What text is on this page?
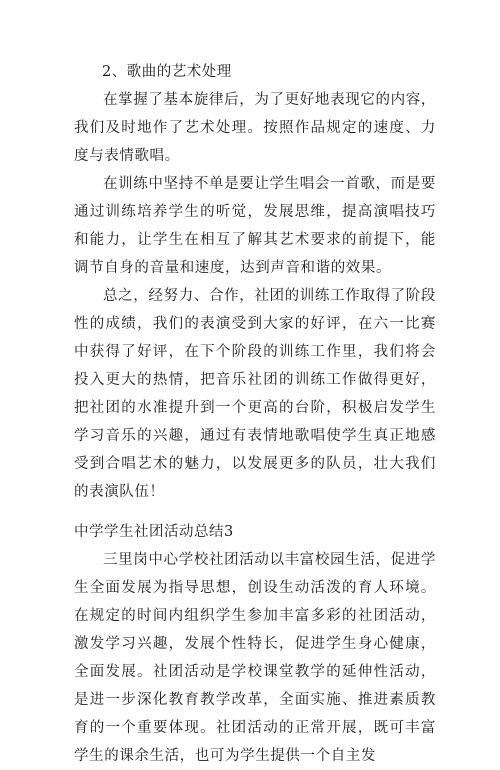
2、歌曲的艺术处理

在掌握了基本旋律后，为了更好地表现它的内容，我们及时地作了艺术处理。按照作品规定的速度、力度与表情歌唱。

在训练中坚持不单是要让学生唱会一首歌，而是要通过训练培养学生的听觉，发展思维，提高演唱技巧和能力，让学生在相互了解其艺术要求的前提下，能调节自身的音量和速度，达到声音和谐的效果。

总之，经努力、合作，社团的训练工作取得了阶段性的成绩，我们的表演受到大家的好评，在六一比赛中获得了好评，在下个阶段的训练工作里，我们将会投入更大的热情，把音乐社团的训练工作做得更好，把社团的水准提升到一个更高的台阶，积极启发学生学习音乐的兴趣，通过有表情地歌唱使学生真正地感受到合唱艺术的魅力，以发展更多的队员，壮大我们的表演队伍！

中学学生社团活动总结3

三里岗中心学校社团活动以丰富校园生活，促进学生全面发展为指导思想，创设生动活泼的育人环境。在规定的时间内组织学生参加丰富多彩的社团活动，激发学习兴趣，发展个性特长，促进学生身心健康，全面发展。社团活动是学校课堂教学的延伸性活动，是进一步深化教育教学改革，全面实施、推进素质教育的一个重要体现。社团活动的正常开展，既可丰富学生的课余生活，也可为学生提供一个自主发
